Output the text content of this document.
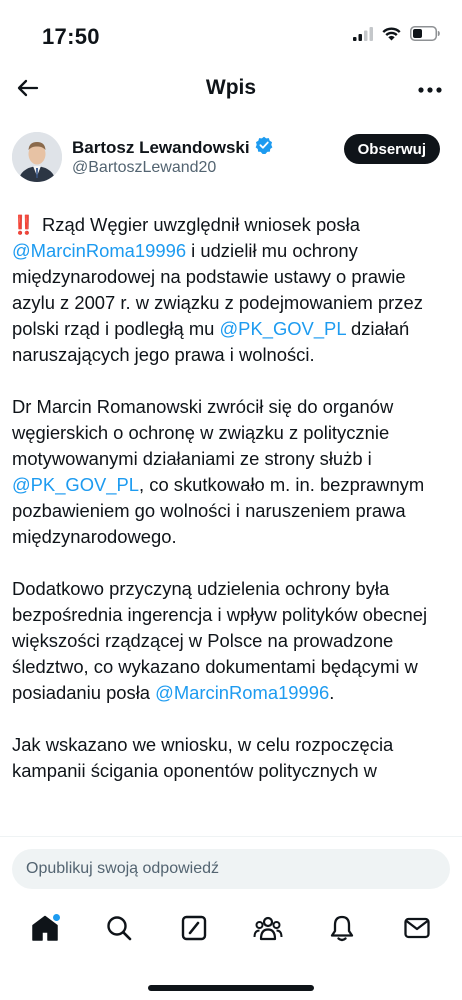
17:50
Wpis
Bartosz Lewandowski
@BartoszLewand20
Obserwuj

‼️ Rząd Węgier uwzględnił wniosek posła @MarcinRoma19996 i udzielił mu ochrony międzynarodowej na podstawie ustawy o prawie azylu z 2007 r. w związku z podejmowaniem przez polski rząd i podległą mu @PK_GOV_PL działań naruszających jego prawa i wolności.

Dr Marcin Romanowski zwrócił się do organów węgierskich o ochronę w związku z politycznie motywowanymi działaniami ze strony służb i @PK_GOV_PL, co skutkowało m. in. bezprawnym pozbawieniem go wolności i naruszeniem prawa międzynarodowego.

Dodatkowo przyczyną udzielenia ochrony była bezpośrednia ingerencja i wpływ polityków obecnej większości rządzącej w Polsce na prowadzone śledztwo, co wykazano dokumentami będącymi w posiadaniu posła @MarcinRoma19996.

Jak wskazano we wniosku, w celu rozpoczęcia kampanii ścigania oponentów politycznych w

Opublikuj swoją odpowiedź
